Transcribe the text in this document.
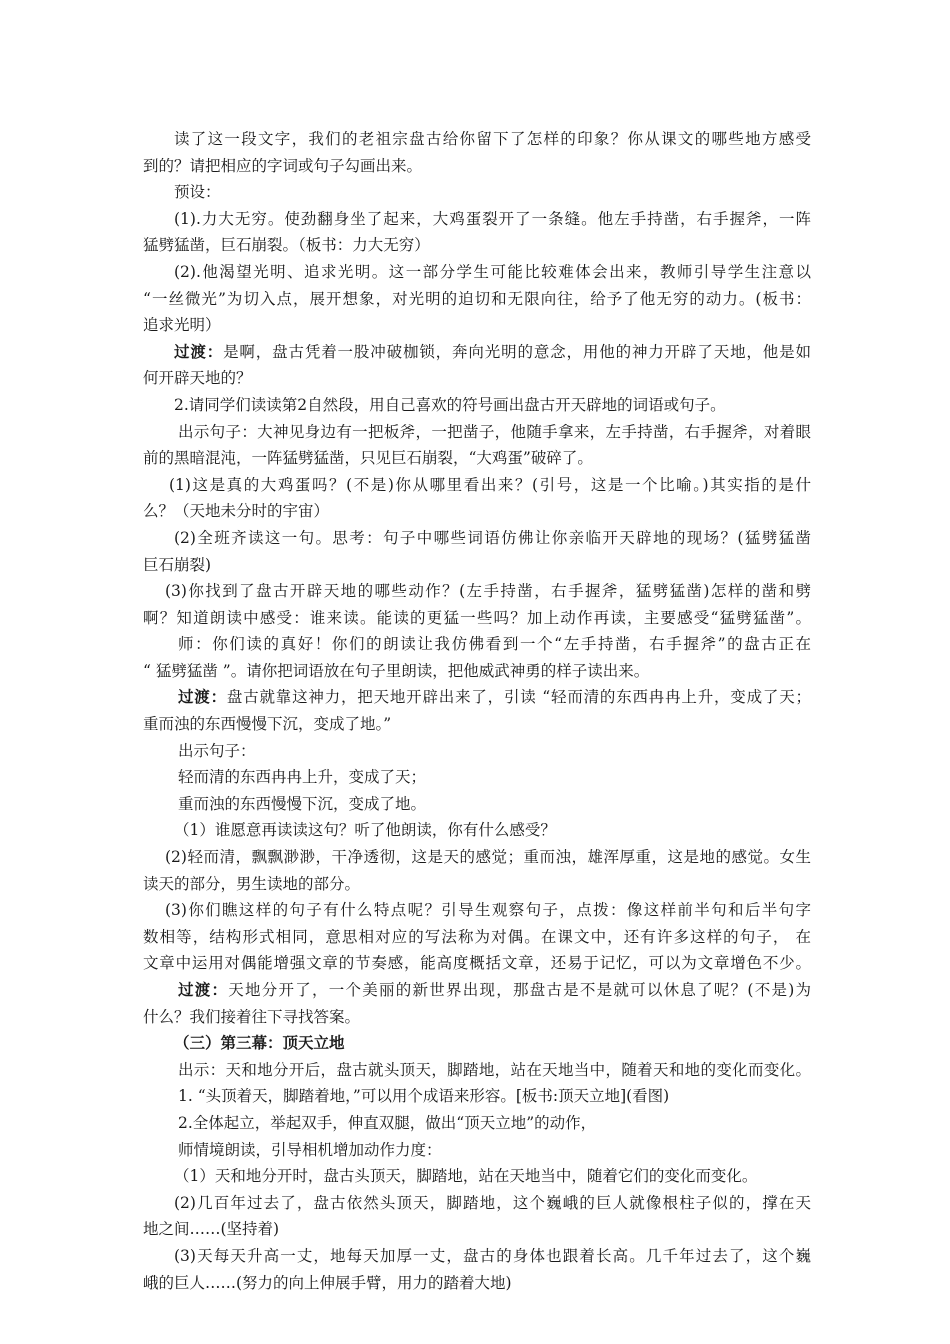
读了这一段文字，我们的老祖宗盘古给你留下了怎样的印象？你从课文的哪些地方感受
到的？请把相应的字词或句子勾画出来。
预设：
(1).力大无穷。使劲翻身坐了起来，大鸡蛋裂开了一条缝。他左手持凿，右手握斧，一阵
猛劈猛凿，巨石崩裂。（板书：力大无穷）
(2).他渴望光明、追求光明。这一部分学生可能比较难体会出来，教师引导学生注意以
“一丝微光”为切入点，展开想象，对光明的迫切和无限向往，给予了他无穷的动力。(板书：
追求光明）
过渡：是啊，盘古凭着一股冲破枷锁，奔向光明的意念，用他的神力开辟了天地，他是如
何开辟天地的？
2.请同学们读读第2自然段，用自己喜欢的符号画出盘古开天辟地的词语或句子。
出示句子：大神见身边有一把板斧，一把凿子，他随手拿来，左手持凿，右手握斧，对着眼
前的黑暗混沌，一阵猛劈猛凿，只见巨石崩裂，“大鸡蛋”破碎了。
(1)这是真的大鸡蛋吗？(不是)你从哪里看出来？(引号，这是一个比喻。)其实指的是什
么？（天地未分时的宇宙）
(2)全班齐读这一句。思考：句子中哪些词语仿佛让你亲临开天辟地的现场？(猛劈猛凿
巨石崩裂)
(3)你找到了盘古开辟天地的哪些动作？(左手持凿，右手握斧，猛劈猛凿)怎样的凿和劈
啊？知道朗读中感受：谁来读。能读的更猛一些吗？加上动作再读，主要感受“猛劈猛凿”。
师：你们读的真好！你们的朗读让我仿佛看到一个“左手持凿，右手握斧”的盘古正在
“ 猛劈猛凿 ”。请你把词语放在句子里朗读，把他威武神勇的样子读出来。
过渡：盘古就靠这神力，把天地开辟出来了，引读 “轻而清的东西冉冉上升，变成了天；
重而浊的东西慢慢下沉，变成了地。”
出示句子：
轻而清的东西冉冉上升，变成了天；
重而浊的东西慢慢下沉，变成了地。
（1）谁愿意再读读这句？听了他朗读，你有什么感受？
(2)轻而清，飘飘渺渺，干净透彻，这是天的感觉；重而浊，雄浑厚重，这是地的感觉。女生
读天的部分，男生读地的部分。
(3)你们瞧这样的句子有什么特点呢？引导生观察句子，点拨：像这样前半句和后半句字
数相等，结构形式相同，意思相对应的写法称为对偶。在课文中，还有许多这样的句子， 在
文章中运用对偶能增强文章的节奏感，能高度概括文章，还易于记忆，可以为文章增色不少。
过渡：天地分开了，一个美丽的新世界出现，那盘古是不是就可以休息了呢？(不是)为
什么？我们接着往下寻找答案。
（三）第三幕：顶天立地
出示：天和地分开后，盘古就头顶天，脚踏地，站在天地当中，随着天和地的变化而变化。
1. “头顶着天，脚踏着地，”可以用个成语来形容。[板书:顶天立地](看图)
2.全体起立，举起双手，伸直双腿，做出“顶天立地”的动作，
师情境朗读，引导相机增加动作力度：
（1）天和地分开时，盘古头顶天，脚踏地，站在天地当中，随着它们的变化而变化。
(2)几百年过去了，盘古依然头顶天，脚踏地，这个巍峨的巨人就像根柱子似的，撑在天
地之间……(坚持着)
(3)天每天升高一丈，地每天加厚一丈，盘古的身体也跟着长高。几千年过去了，这个巍
峨的巨人……(努力的向上伸展手臂，用力的踏着大地)
